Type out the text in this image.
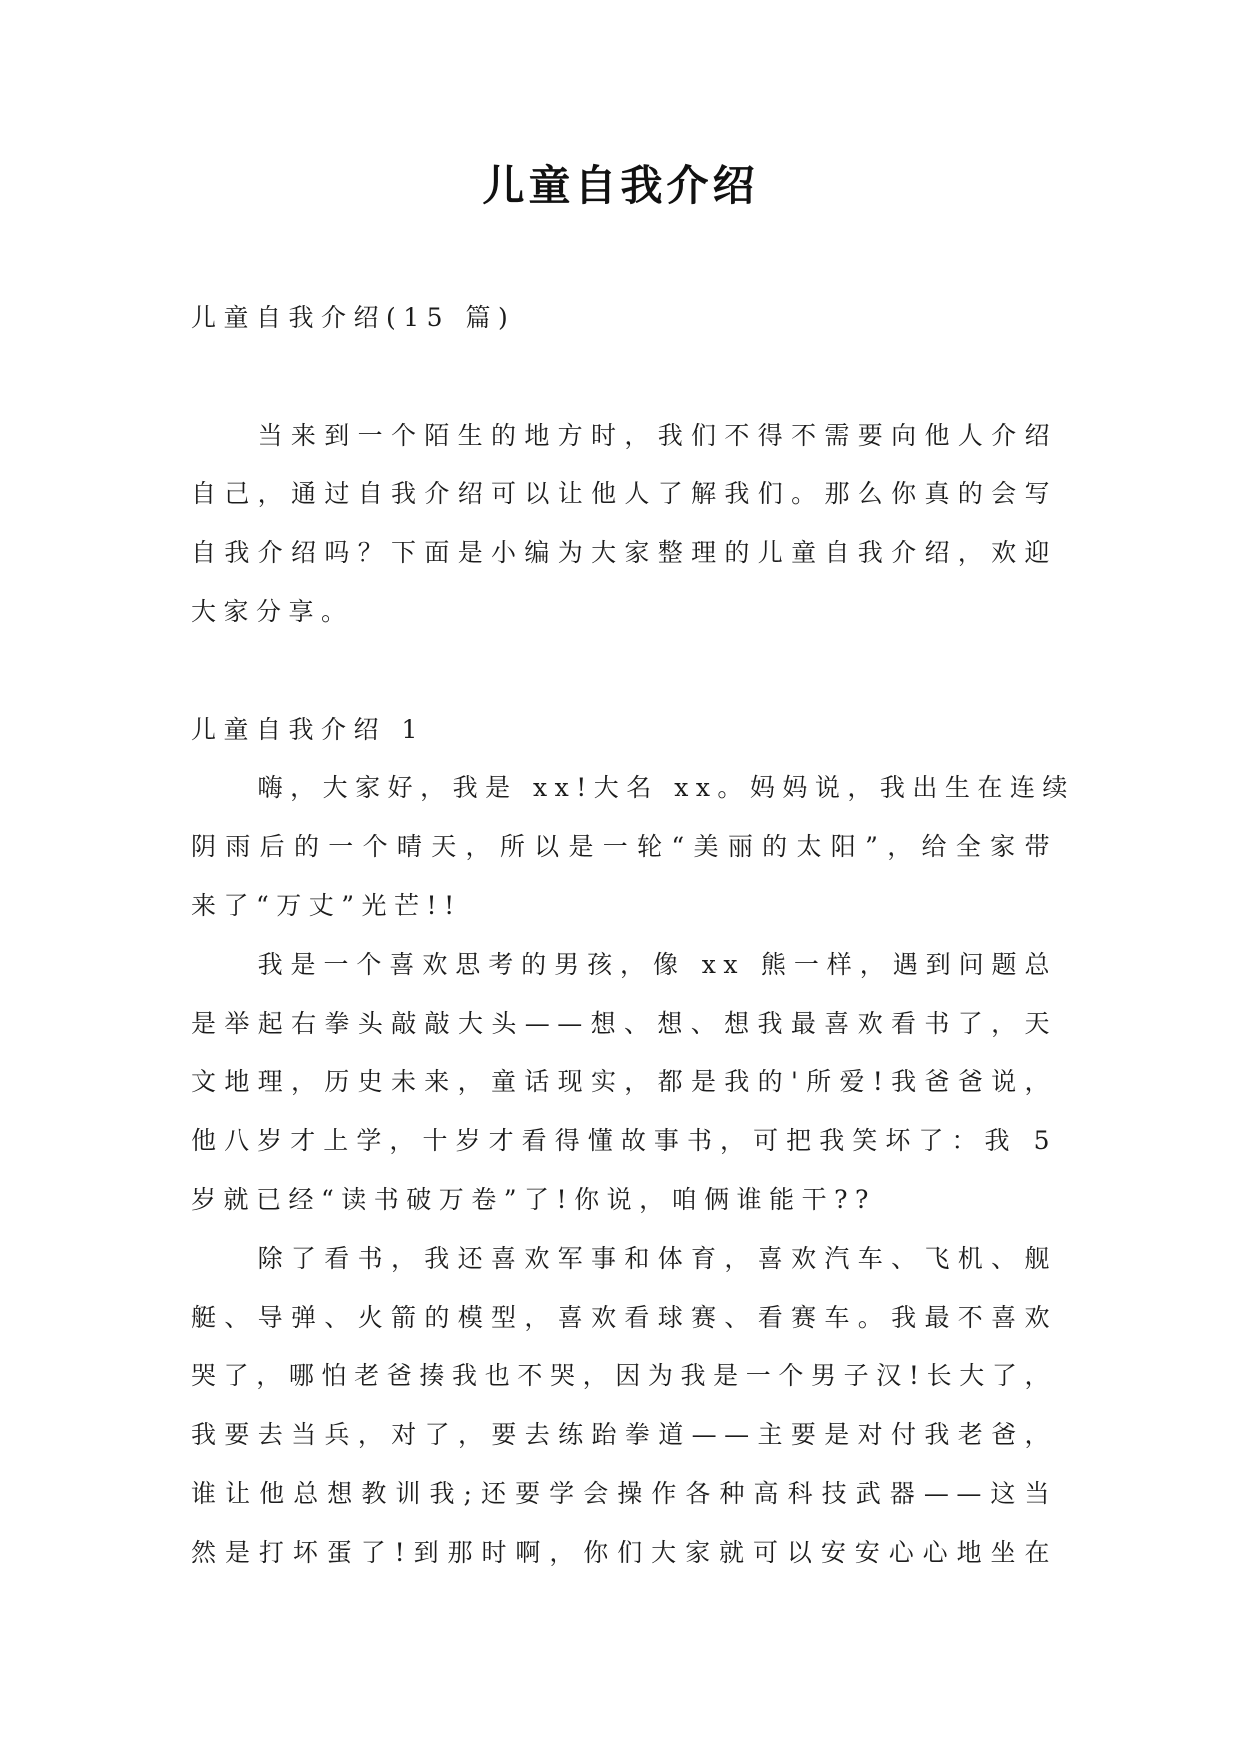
儿童自我介绍
儿童自我介绍(15 篇)
当来到一个陌生的地方时，我们不得不需要向他人介绍
自己，通过自我介绍可以让他人了解我们。那么你真的会写
自我介绍吗？下面是小编为大家整理的儿童自我介绍，欢迎
大家分享。
儿童自我介绍 1
嗨，大家好，我是 xx!大名 xx。妈妈说，我出生在连续
阴雨后的一个晴天，所以是一轮“美丽的太阳”，给全家带
来了“万丈”光芒!!
我是一个喜欢思考的男孩，像 xx 熊一样，遇到问题总
是举起右拳头敲敲大头——想、想、想我最喜欢看书了，天
文地理，历史未来，童话现实，都是我的'所爱!我爸爸说，
他八岁才上学，十岁才看得懂故事书，可把我笑坏了：我 5
岁就已经“读书破万卷”了!你说，咱俩谁能干??
除了看书，我还喜欢军事和体育，喜欢汽车、飞机、舰
艇、导弹、火箭的模型，喜欢看球赛、看赛车。我最不喜欢
哭了，哪怕老爸揍我也不哭，因为我是一个男子汉!长大了，
我要去当兵，对了，要去练跆拳道——主要是对付我老爸，
谁让他总想教训我;还要学会操作各种高科技武器——这当
然是打坏蛋了!到那时啊，你们大家就可以安安心心地坐在
